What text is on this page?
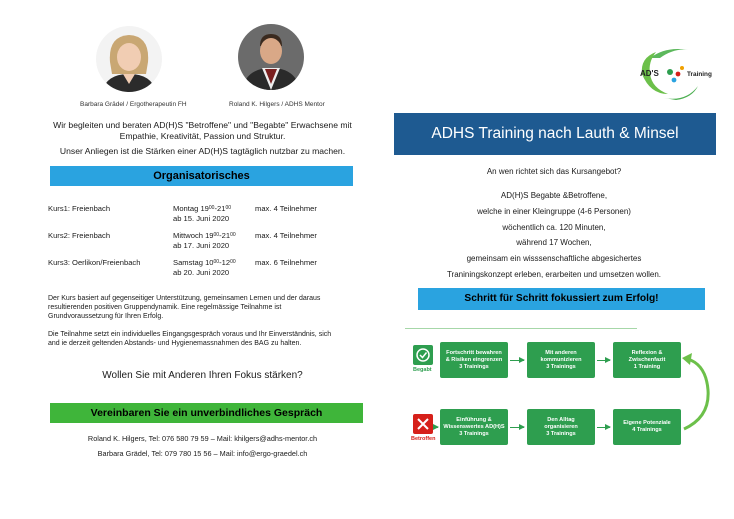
Barbara Grädel / Ergotherapeutin FH	Roland K. Hilgers / ADHS Mentor
Wir begleiten und beraten AD(H)S "Betroffene" und "Begabte" Erwachsene mit
Empathie, Kreativität, Passion und Struktur.
Unser Anliegen ist die Stärken einer AD(H)S tagtäglich nutzbar zu machen.
Organisatorisches
Kurs1: Freienbach	Montag $19^{00}-21^{00}$
ab 15. Juni 2020
max. 4 Teilnehmer
Kurs2: Freienbach	Mittwoch $19^{00}-21^{00}$
ab 17. Juni 2020
max. 4 Teilnehmer
Kurs3: Oerlikon/Freienbach	Samstag $10^{00}-12^{00}$
ab 20. Juni 2020
max. 6 Teilnehmer
Der Kurs basiert auf gegenseitiger Unterstützung, gemeinsamen Lernen und der daraus resultierenden positiven Gruppendynamik. Eine regelmässige Teilnahme ist Grundvoraussetzung für Ihren Erfolg.
Die Teilnahme setzt ein individuelles Eingangsgespräch voraus und Ihr Einverständnis, sich and ie derzeit geltenden Abstands- und Hygienemassnahmen des BAG zu halten.
Wollen Sie mit Anderen Ihren Fokus stärken?
Vereinbaren Sie ein unverbindliches Gespräch
Roland K. Hilgers, Tel: 076 580 79 59 – Mail: khilgers@adhs-mentor.ch
Barbara Grädel, Tel: 079 780 15 56 – Mail: info@ergo-graedel.ch
AD'S	Training
ADHS Training nach Lauth & Minsel
An wen richtet sich das Kursangebot?
AD(H)S Begabte &Betroffene,
welche in einer Kleingruppe (4-6 Personen)
wöchentlich ca. 120 Minuten,
während 17 Wochen,
gemeinsam ein wisssenschaftliche abgesichertes
Traniningskonzept erleben, erarbeiten und umsetzen wollen.
Schritt für Schritt fokussiert zum Erfolg!
Begabt
Betroffen
Fortschritt bewahren
& Risiken eingrenzen
3 Trainings
Mit anderen
kommunizieren
3 Trainings
Reflexion &
Zwischenfazit
1 Training
Einführung &
Wissenswertes AD(H)S
3 Trainings
Den Alltag
organisieren
3 Trainings
Eigene Potenziale
4 Trainings
